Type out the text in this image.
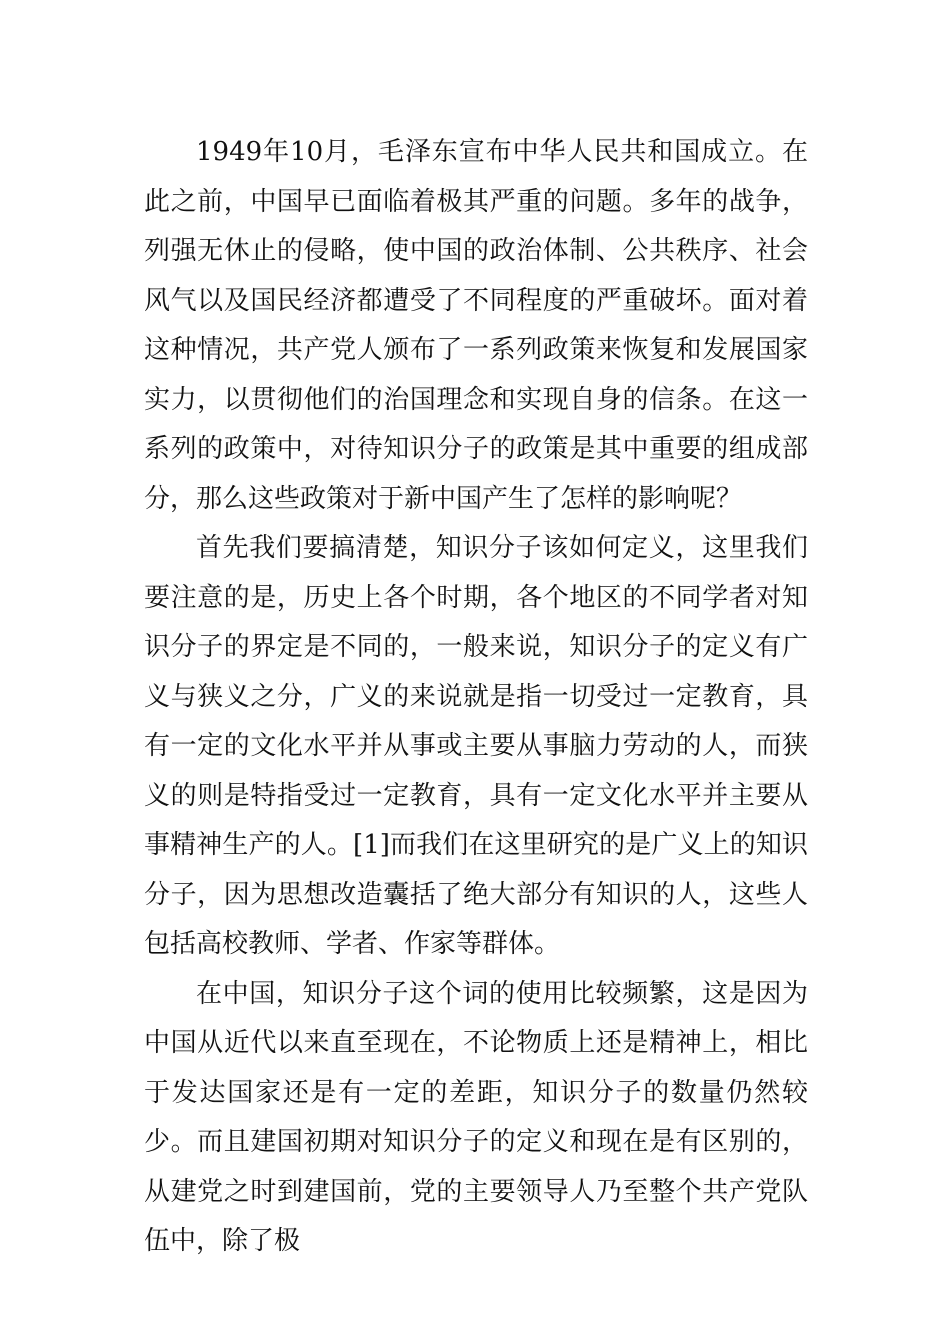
1949年10月，毛泽东宣布中华人民共和国成立。在此之前，中国早已面临着极其严重的问题。多年的战争，列强无休止的侵略，使中国的政治体制、公共秩序、社会风气以及国民经济都遭受了不同程度的严重破坏。面对着这种情况，共产党人颁布了一系列政策来恢复和发展国家实力，以贯彻他们的治国理念和实现自身的信条。在这一系列的政策中，对待知识分子的政策是其中重要的组成部分，那么这些政策对于新中国产生了怎样的影响呢？

首先我们要搞清楚，知识分子该如何定义，这里我们要注意的是，历史上各个时期，各个地区的不同学者对知识分子的界定是不同的，一般来说，知识分子的定义有广义与狭义之分，广义的来说就是指一切受过一定教育，具有一定的文化水平并从事或主要从事脑力劳动的人，而狭义的则是特指受过一定教育，具有一定文化水平并主要从事精神生产的人。[1]而我们在这里研究的是广义上的知识分子，因为思想改造囊括了绝大部分有知识的人，这些人包括高校教师、学者、作家等群体。

在中国，知识分子这个词的使用比较频繁，这是因为中国从近代以来直至现在，不论物质上还是精神上，相比于发达国家还是有一定的差距，知识分子的数量仍然较少。而且建国初期对知识分子的定义和现在是有区别的，从建党之时到建国前，党的主要领导人乃至整个共产党队伍中，除了极
